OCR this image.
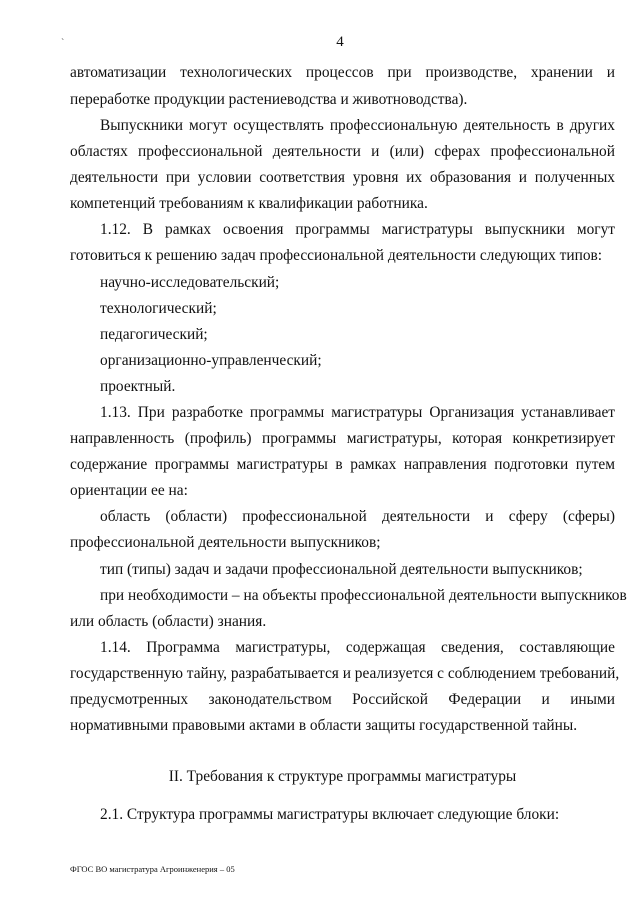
`	4
автоматизации технологических процессов при производстве, хранении и
переработке продукции растениеводства и животноводства).
Выпускники могут осуществлять профессиональную деятельность в других
областях профессиональной деятельности и (или) сферах профессиональной
деятельности при условии соответствия уровня их образования и полученных
компетенций требованиям к квалификации работника.
1.12. В рамках освоения программы магистратуры выпускники могут
готовиться к решению задач профессиональной деятельности следующих типов:
научно-исследовательский;
технологический;
педагогический;
организационно-управленческий;
проектный.
1.13. При разработке программы магистратуры Организация устанавливает
направленность (профиль) программы магистратуры, которая конкретизирует
содержание программы магистратуры в рамках направления подготовки путем
ориентации ее на:
область (области) профессиональной деятельности и сферу (сферы)
профессиональной деятельности выпускников;
тип (типы) задач и задачи профессиональной деятельности выпускников;
при необходимости – на объекты профессиональной деятельности выпускников
или область (области) знания.
1.14. Программа магистратуры, содержащая сведения, составляющие
государственную тайну, разрабатывается и реализуется с соблюдением требований,
предусмотренных законодательством Российской Федерации и иными
нормативными правовыми актами в области защиты государственной тайны.
II. Требования к структуре программы магистратуры
2.1. Структура программы магистратуры включает следующие блоки:
ФГОС ВО магистратура Агроинженерия – 05
